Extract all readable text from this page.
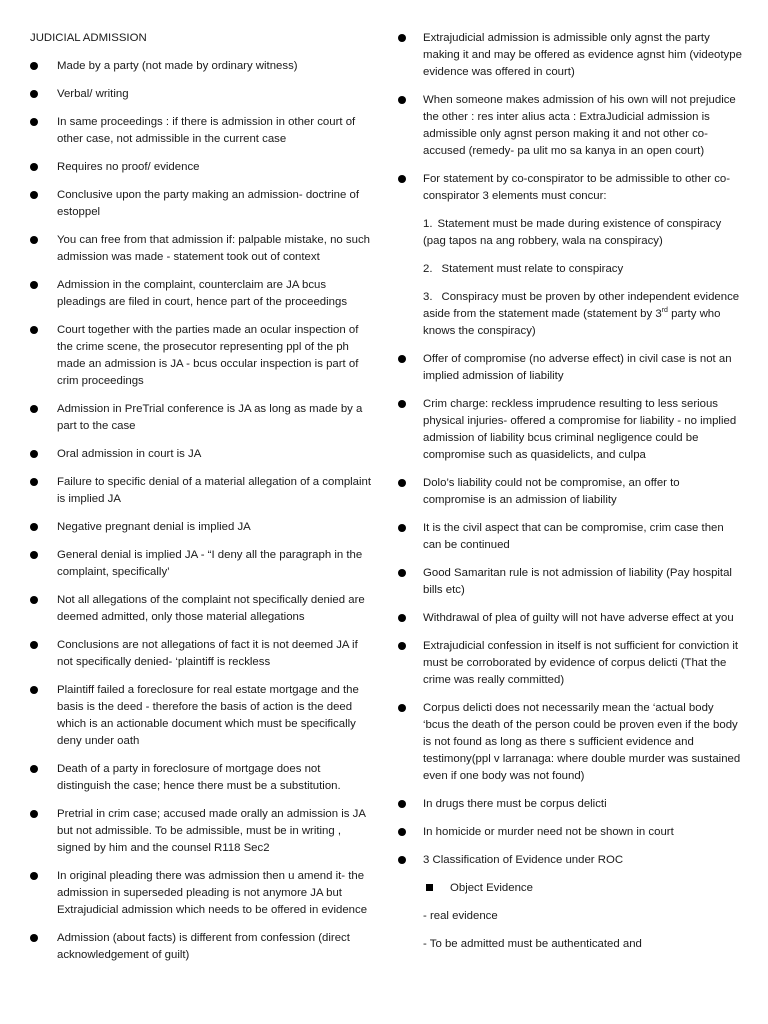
JUDICIAL ADMISSION
Made by a party (not made by ordinary witness)
Verbal/ writing
In same proceedings : if there is admission in other court of other case, not admissible in the current case
Requires no proof/ evidence
Conclusive upon the party making an admission- doctrine of estoppel
You can free from that admission if: palpable mistake, no such admission was made - statement took out of context
Admission in the complaint, counterclaim are JA bcus pleadings are filed in court, hence part of the proceedings
Court together with the parties made an ocular inspection of the crime scene, the prosecutor representing ppl of the ph made an admission is JA - bcus occular inspection is part of crim proceedings
Admission in PreTrial conference is JA as long as made by a part to the case
Oral admission in court is JA
Failure to specific denial of a material allegation of a complaint is implied JA
Negative pregnant denial is implied JA
General denial is implied JA - “I deny all the paragraph in the complaint, specifically’
Not all allegations of the complaint not specifically denied are deemed admitted, only those material allegations
Conclusions are not allegations of fact it is not deemed JA if not specifically denied- ‘plaintiff is reckless
Plaintiff failed a foreclosure for real estate mortgage and the basis is the deed - therefore the basis of action is the deed which is an actionable document which must be specifically deny under oath
Death of a party in foreclosure of mortgage does not distinguish the case; hence there must be a substitution.
Pretrial in crim case; accused made orally an admission is JA but not admissible. To be admissible, must be in writing , signed by him and the counsel R118 Sec2
In original pleading there was admission then u amend it- the admission in superseded pleading is not anymore JA but Extrajudicial admission which needs to be offered in evidence
Admission (about facts) is different from confession (direct acknowledgement of guilt)
Extrajudicial admission is admissible only agnst the party making it and may be offered as evidence agnst him (videotype evidence was offered in court)
When someone makes admission of his own will not prejudice the other : res inter alius acta : ExtraJudicial admission is admissible only agnst person making it and not other co-accused (remedy- pa ulit mo sa kanya in an open court)
For statement by co-conspirator to be admissible to other co-conspirator 3 elements must concur:
1. Statement must be made during existence of conspiracy (pag tapos na ang robbery, wala na conspiracy)
2. Statement must relate to conspiracy
3. Conspiracy must be proven by other independent evidence aside from the statement made (statement by 3rd party who knows the conspiracy)
Offer of compromise (no adverse effect) in civil case is not an implied admission of liability
Crim charge: reckless imprudence resulting to less serious physical injuries- offered a compromise for liability - no implied admission of liability bcus criminal negligence could be compromise such as quasidelicts, and culpa
Dolo’s liability could not be compromise, an offer to compromise is an admission of liability
It is the civil aspect that can be compromise, crim case then can be continued
Good Samaritan rule is not admission of liability (Pay hospital bills etc)
Withdrawal of plea of guilty will not have adverse effect at you
Extrajudicial confession in itself is not sufficient for conviction it must be corroborated by evidence of corpus delicti (That the crime was really committed)
Corpus delicti does not necessarily mean the ‘actual body ‘bcus the death of the person could be proven even if the body is not found as long as there s sufficient evidence and testimony(ppl v larranaga: where double murder was sustained even if one body was not found)
In drugs there must be corpus delicti
In homicide or murder need not be shown in court
3 Classification of Evidence under ROC
Object Evidence
- real evidence
- To be admitted must be authenticated and
